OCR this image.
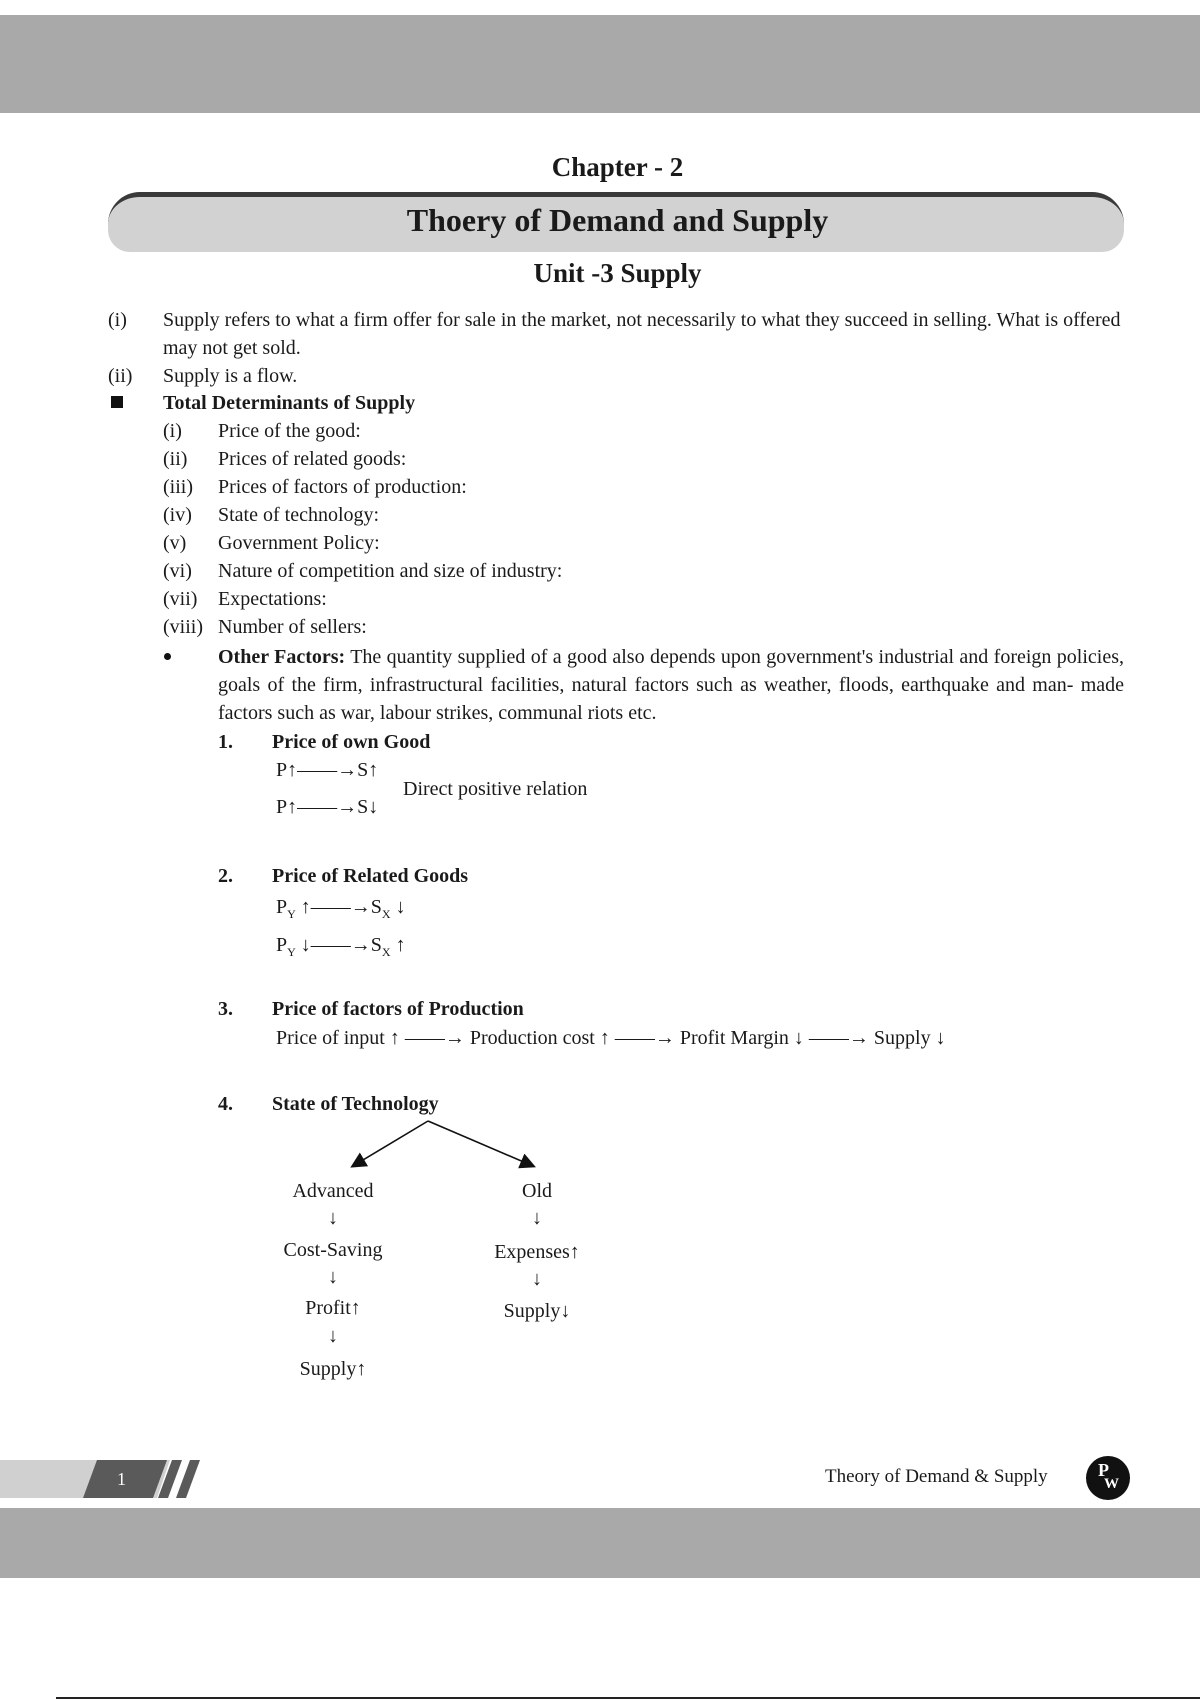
Chapter - 2
Thoery of Demand and Supply
Unit -3 Supply
(i) Supply refers to what a firm offer for sale in the market, not necessarily to what they succeed in selling. What is offered may not get sold.
(ii) Supply is a flow.
Total Determinants of Supply
(i) Price of the good:
(ii) Prices of related goods:
(iii) Prices of factors of production:
(iv) State of technology:
(v) Government Policy:
(vi) Nature of competition and size of industry:
(vii) Expectations:
(viii) Number of sellers:
Other Factors: The quantity supplied of a good also depends upon government's industrial and foreign policies, goals of the firm, infrastructural facilities, natural factors such as weather, floods, earthquake and man- made factors such as war, labour strikes, communal riots etc.
1. Price of own Good
P↑——→S↑
P↑——→S↓
Direct positive relation
2. Price of Related Goods
$P_Y$ $↑——\to S_X$ ↓
$P_Y$ $↓——\to S_X$ ↑
3. Price of factors of Production
Price of input ↑ ——→ Production cost ↑ ——→ Profit Margin ↓ ——→ Supply ↓
4. State of Technology
Advanced
↓
Cost-Saving
↓
Profit↑
↓
Supply↑
Old
↓
Expenses↑
↓
Supply↓
1	Theory of Demand & Supply	P
W
